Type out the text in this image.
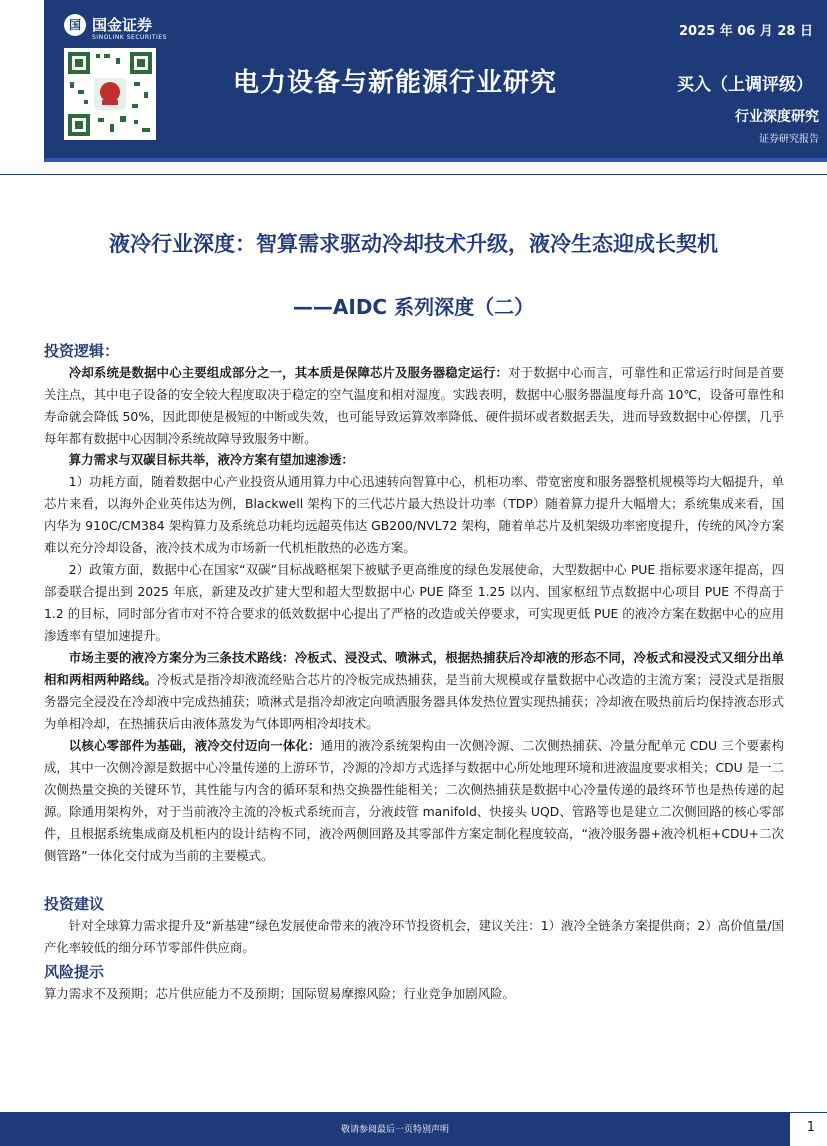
国 国金证券
SINOLINK SECURITIES	2025 年 06 月 28 日
电力设备与新能源行业研究	买入（上调评级）
行业深度研究
证券研究报告
液冷行业深度：智算需求驱动冷却技术升级，液冷生态迎成长契机
——AIDC 系列深度（二）
投资逻辑：

冷却系统是数据中心主要组成部分之一，其本质是保障芯片及服务器稳定运行：对于数据中心而言，可靠性和正常运行时间是首要关注点，其中电子设备的安全较大程度取决于稳定的空气温度和相对湿度。实践表明，数据中心服务器温度每升高 10℃，设备可靠性和寿命就会降低 50%，因此即使是极短的中断或失效，也可能导致运算效率降低、硬件损坏或者数据丢失，进而导致数据中心停摆，几乎每年都有数据中心因制冷系统故障导致服务中断。

算力需求与双碳目标共举，液冷方案有望加速渗透：

1）功耗方面，随着数据中心产业投资从通用算力中心迅速转向智算中心，机柜功率、带宽密度和服务器整机规模等均大幅提升，单芯片来看，以海外企业英伟达为例，Blackwell 架构下的三代芯片最大热设计功率（TDP）随着算力提升大幅增大；系统集成来看，国内华为 910C/CM384 架构算力及系统总功耗均远超英伟达 GB200/NVL72 架构，随着单芯片及机架级功率密度提升，传统的风冷方案难以充分冷却设备，液冷技术成为市场新一代机柜散热的必选方案。

2）政策方面，数据中心在国家“双碳”目标战略框架下被赋予更高维度的绿色发展使命，大型数据中心 PUE 指标要求逐年提高，四部委联合提出到 2025 年底，新建及改扩建大型和超大型数据中心 PUE 降至 1.25 以内、国家枢纽节点数据中心项目 PUE 不得高于 1.2 的目标，同时部分省市对不符合要求的低效数据中心提出了严格的改造或关停要求，可实现更低 PUE 的液冷方案在数据中心的应用渗透率有望加速提升。

市场主要的液冷方案分为三条技术路线：冷板式、浸没式、喷淋式，根据热捕获后冷却液的形态不同，冷板式和浸没式又细分出单相和两相两种路线。冷板式是指冷却液流经贴合芯片的冷板完成热捕获，是当前大规模或存量数据中心改造的主流方案；浸没式是指服务器完全浸没在冷却液中完成热捕获；喷淋式是指冷却液定向喷洒服务器具体发热位置实现热捕获；冷却液在吸热前后均保持液态形式为单相冷却，在热捕获后由液体蒸发为气体即两相冷却技术。

以核心零部件为基础，液冷交付迈向一体化：通用的液冷系统架构由一次侧冷源、二次侧热捕获、冷量分配单元 CDU 三个要素构成，其中一次侧冷源是数据中心冷量传递的上游环节，冷源的冷却方式选择与数据中心所处地理环境和进液温度要求相关；CDU 是一二次侧热量交换的关键环节，其性能与内含的循环泵和热交换器性能相关；二次侧热捕获是数据中心冷量传递的最终环节也是热传递的起源。除通用架构外，对于当前液冷主流的冷板式系统而言，分液歧管 manifold、快接头 UQD、管路等也是建立二次侧回路的核心零部件，且根据系统集成商及机柜内的设计结构不同，液冷两侧回路及其零部件方案定制化程度较高，“液冷服务器+液冷机柜+CDU+二次侧管路”一体化交付成为当前的主要模式。

投资建议

针对全球算力需求提升及“新基建”绿色发展使命带来的液冷环节投资机会，建议关注：1）液冷全链条方案提供商；2）高价值量/国产化率较低的细分环节零部件供应商。

风险提示

算力需求不及预期；芯片供应能力不及预期；国际贸易摩擦风险；行业竞争加剧风险。

敬请参阅最后一页特别声明	1
